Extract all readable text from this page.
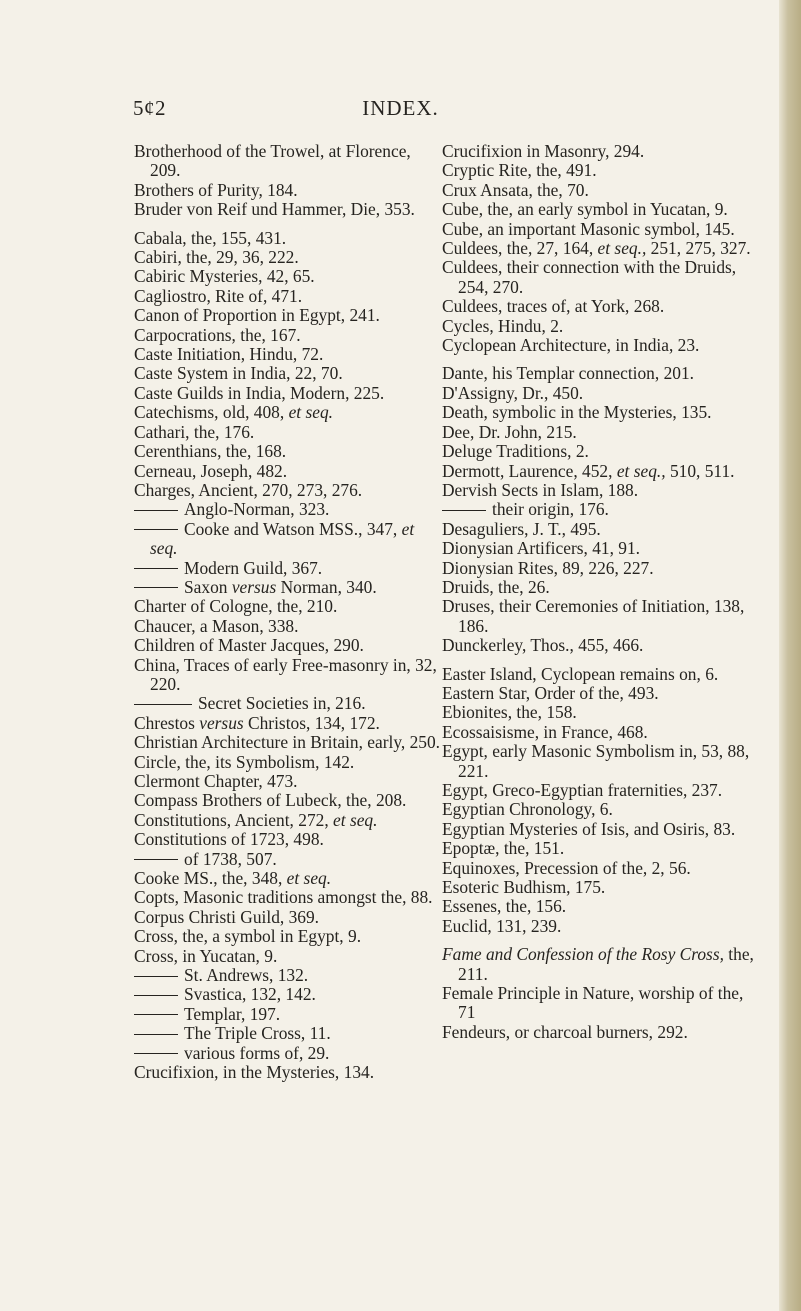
INDEX.
5¢2

Brotherhood of the Trowel, at Florence, 209.

Brothers of Purity, 184.

Bruder von Reif und Hammer, Die, 353.

Cabala, the, 155, 431.

Cabiri, the, 29, 36, 222.

Cabiric Mysteries, 42, 65.

Cagliostro, Rite of, 471.

Canon of Proportion in Egypt, 241.

Carpocrations, the, 167.

Caste Initiation, Hindu, 72.

Caste System in India, 22, 70.

Caste Guilds in India, Modern, 225.

Catechisms, old, 408, et seq.

Cathari, the, 176.

Cerenthians, the, 168.

Cerneau, Joseph, 482.

Charges, Ancient, 270, 273, 276.

Anglo-Norman, 323.

Cooke and Watson MSS., 347, et seq.

Modern Guild, 367.

Saxon versus Norman, 340.

Charter of Cologne, the, 210.

Chaucer, a Mason, 338.

Children of Master Jacques, 290.

China, Traces of early Free-masonry in, 32, 220.

Secret Societies in, 216.

Chrestos versus Christos, 134, 172.

Christian Architecture in Britain, early, 250.

Circle, the, its Symbolism, 142.

Clermont Chapter, 473.

Compass Brothers of Lubeck, the, 208.

Constitutions, Ancient, 272, et seq.

Constitutions of 1723, 498.

of 1738, 507.

Cooke MS., the, 348, et seq.

Copts, Masonic traditions amongst the, 88.

Corpus Christi Guild, 369.

Cross, the, a symbol in Egypt, 9.

Cross, in Yucatan, 9.

St. Andrews, 132.

Svastica, 132, 142.

Templar, 197.

The Triple Cross, 11.

various forms of, 29.

Crucifixion, in the Mysteries, 134.

Crucifixion in Masonry, 294.

Cryptic Rite, the, 491.

Crux Ansata, the, 70.

Cube, the, an early symbol in Yucatan, 9.

Cube, an important Masonic symbol, 145.

Culdees, the, 27, 164, et seq., 251, 275, 327.

Culdees, their connection with the Druids, 254, 270.

Culdees, traces of, at York, 268.

Cycles, Hindu, 2.

Cyclopean Architecture, in India, 23.

Dante, his Templar connection, 201.

D'Assigny, Dr., 450.

Death, symbolic in the Mysteries, 135.

Dee, Dr. John, 215.

Deluge Traditions, 2.

Dermott, Laurence, 452, et seq., 510, 511.

Dervish Sects in Islam, 188.

their origin, 176.

Desaguliers, J. T., 495.

Dionysian Artificers, 41, 91.

Dionysian Rites, 89, 226, 227.

Druids, the, 26.

Druses, their Ceremonies of Initiation, 138, 186.

Dunckerley, Thos., 455, 466.

Easter Island, Cyclopean remains on, 6.

Eastern Star, Order of the, 493.

Ebionites, the, 158.

Ecossaisisme, in France, 468.

Egypt, early Masonic Symbolism in, 53, 88, 221.

Egypt, Greco-Egyptian fraternities, 237.

Egyptian Chronology, 6.

Egyptian Mysteries of Isis, and Osiris, 83.

Epoptæ, the, 151.

Equinoxes, Precession of the, 2, 56.

Esoteric Budhism, 175.

Essenes, the, 156.

Euclid, 131, 239.

Fame and Confession of the Rosy Cross, the, 211.

Female Principle in Nature, worship of the, 71

Fendeurs, or charcoal burners, 292.
